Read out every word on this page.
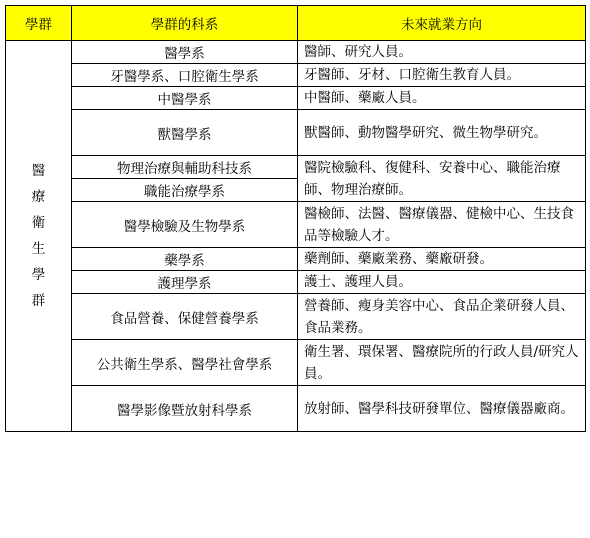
學群	學群的科系	未來就業方向
醫療衛生學群	醫學系	醫師、研究人員。
	牙醫學系、口腔衛生學系	牙醫師、牙材、口腔衛生教育人員。
	中醫學系	中醫師、藥廠人員。
	獸醫學系	獸醫師、動物醫學研究、微生物學研究。
	物理治療與輔助科技系	醫院檢驗科、復健科、安養中心、職能治療師、物理治療師。
	職能治療學系	
	醫學檢驗及生物學系	醫檢師、法醫、醫療儀器、健檢中心、生技食品等檢驗人才。
	藥學系	藥劑師、藥廠業務、藥廠研發。
	護理學系	護士、護理人員。
	食品營養、保健營養學系	營養師、瘦身美容中心、食品企業研發人員、食品業務。
	公共衛生學系、醫學社會學系	衛生署、環保署、醫療院所的行政人員/研究人員。
	醫學影像暨放射科學系	放射師、醫學科技研發單位、醫療儀器廠商。
